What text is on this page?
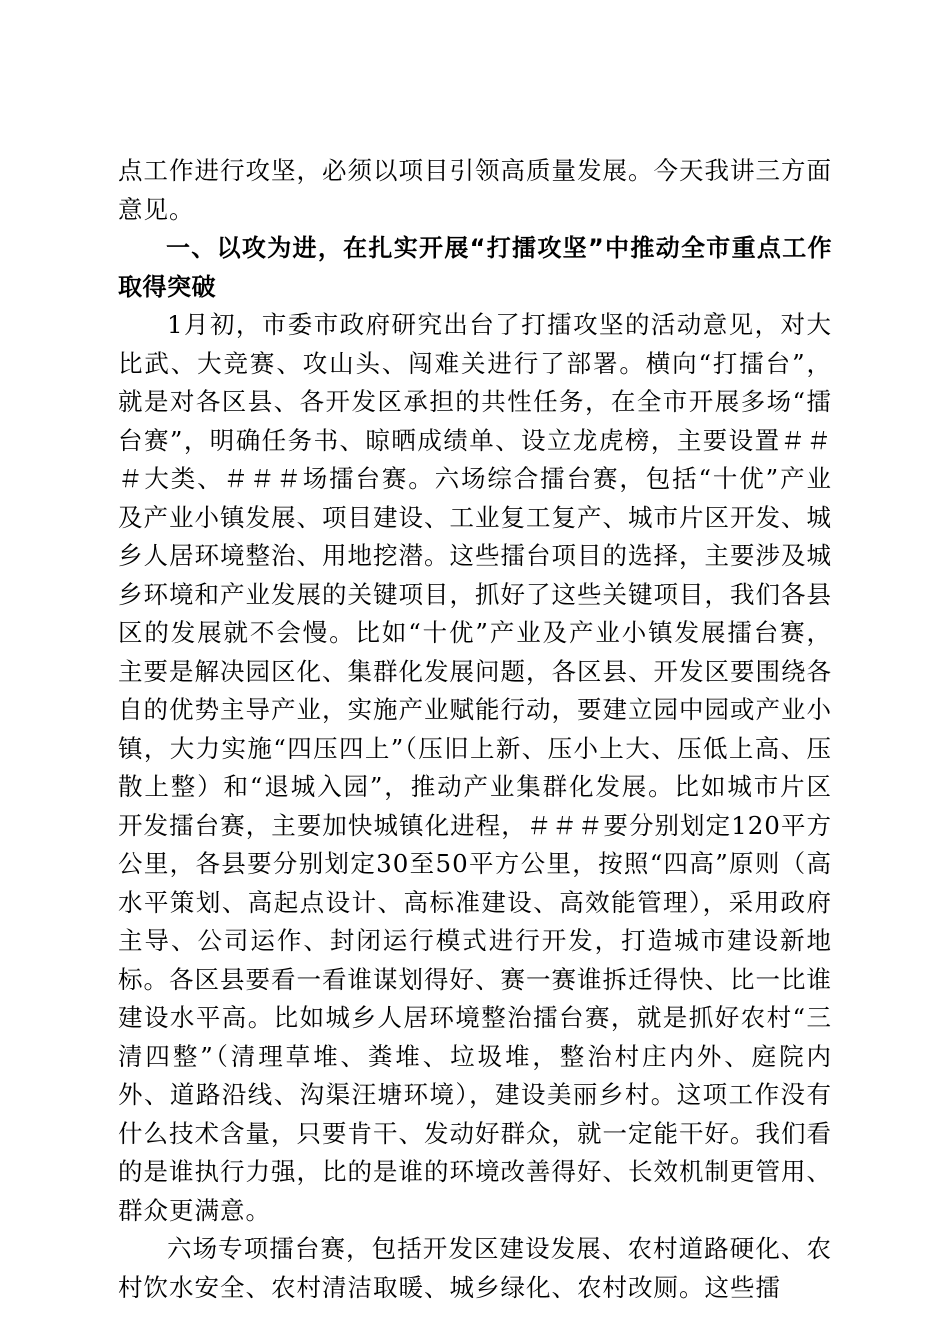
点工作进行攻坚，必须以项目引领高质量发展。今天我讲三方面意见。

一、以攻为进，在扎实开展“打擂攻坚”中推动全市重点工作取得突破

1月初，市委市政府研究出台了打擂攻坚的活动意见，对大比武、大竞赛、攻山头、闯难关进行了部署。横向“打擂台”，就是对各区县、各开发区承担的共性任务，在全市开展多场“擂台赛”，明确任务书、晾晒成绩单、设立龙虎榜，主要设置＃＃＃大类、＃＃＃场擂台赛。六场综合擂台赛，包括“十优”产业及产业小镇发展、项目建设、工业复工复产、城市片区开发、城乡人居环境整治、用地挖潜。这些擂台项目的选择，主要涉及城乡环境和产业发展的关键项目，抓好了这些关键项目，我们各县区的发展就不会慢。比如“十优”产业及产业小镇发展擂台赛，主要是解决园区化、集群化发展问题，各区县、开发区要围绕各自的优势主导产业，实施产业赋能行动，要建立园中园或产业小镇，大力实施“四压四上”（压旧上新、压小上大、压低上高、压散上整）和“退城入园”，推动产业集群化发展。比如城市片区开发擂台赛，主要加快城镇化进程，＃＃＃要分别划定120平方公里，各县要分别划定30至50平方公里，按照“四高”原则（高水平策划、高起点设计、高标准建设、高效能管理），采用政府主导、公司运作、封闭运行模式进行开发，打造城市建设新地标。各区县要看一看谁谋划得好、赛一赛谁拆迁得快、比一比谁建设水平高。比如城乡人居环境整治擂台赛，就是抓好农村“三清四整”（清理草堆、粪堆、垃圾堆，整治村庄内外、庭院内外、道路沿线、沟渠汪塘环境），建设美丽乡村。这项工作没有什么技术含量，只要肯干、发动好群众，就一定能干好。我们看的是谁执行力强，比的是谁的环境改善得好、长效机制更管用、群众更满意。

六场专项擂台赛，包括开发区建设发展、农村道路硬化、农村饮水安全、农村清洁取暖、城乡绿化、农村改厕。这些擂
